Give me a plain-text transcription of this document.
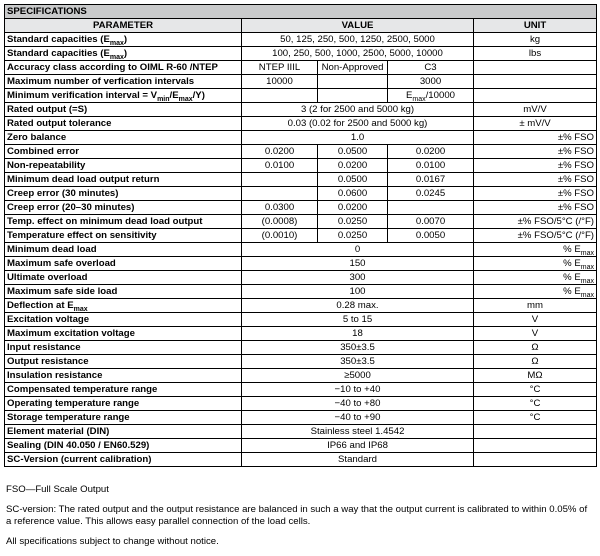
SPECIFICATIONS				
PARAMETER	VALUE			UNIT
Standard capacities $(E_{max})$	50, 125, 250, 500, 1250, 2500, 5000			kg
Standard capacities $(E_{max})$	100, 250, 500, 1000, 2500, 5000, 10000			lbs
Accuracy class according to OIML R-60 /NTEP	NTEP IIIL	Non-Approved	C3	
Maximum number of verfication intervals	10000		3000	
Minimum verification interval = $V_{min}/E_{max}/Y$)			$E_{max}/10000$	
Rated output (=S)	3 (2 for 2500 and 5000 kg)			mV/V
Rated output tolerance	0.03 (0.02 for 2500 and 5000 kg)			± mV/V
Zero balance	1.0			±% FSO
Combined error	0.0200	0.0500	0.0200	±% FSO
Non-repeatability	0.0100	0.0200	0.0100	±% FSO
Minimum dead load output return		0.0500	0.0167	±% FSO
Creep error (30 minutes)		0.0600	0.0245	±% FSO
Creep error (20–30 minutes)	0.0300	0.0200		±% FSO
Temp. effect on minimum dead load output	(0.0008)	0.0250	0.0070	±% FSO/5°C (/°F)
Temperature effect on sensitivity	(0.0010)	0.0250	0.0050	±% FSO/5°C (/°F)
Minimum dead load	0			% $E_{max}$
Maximum safe overload	150			% $E_{max}$
Ultimate overload	300			% $E_{max}$
Maximum safe side load	100			% $E_{max}$
Deflection at $E_{max}$	0.28 max.			mm
Excitation voltage	5 to 15			V
Maximum excitation voltage	18			V
Input resistance	350±3.5			Ω
Output resistance	350±3.5			Ω
Insulation resistance	≥5000			MΩ
Compensated temperature range	−10 to +40			°C
Operating temperature range	−40 to +80			°C
Storage temperature range	−40 to +90			°C
Element material (DIN)	Stainless steel 1.4542			
Sealing (DIN 40.050 / EN60.529)	IP66 and IP68			
SC-Version (current calibration)	Standard			

FSO—Full Scale Output

SC-version: The rated output and the output resistance are balanced in such a way that the output current is calibrated to within 0.05% of a reference value. This allows easy parallel connection of the load cells.

All specifications subject to change without notice.
